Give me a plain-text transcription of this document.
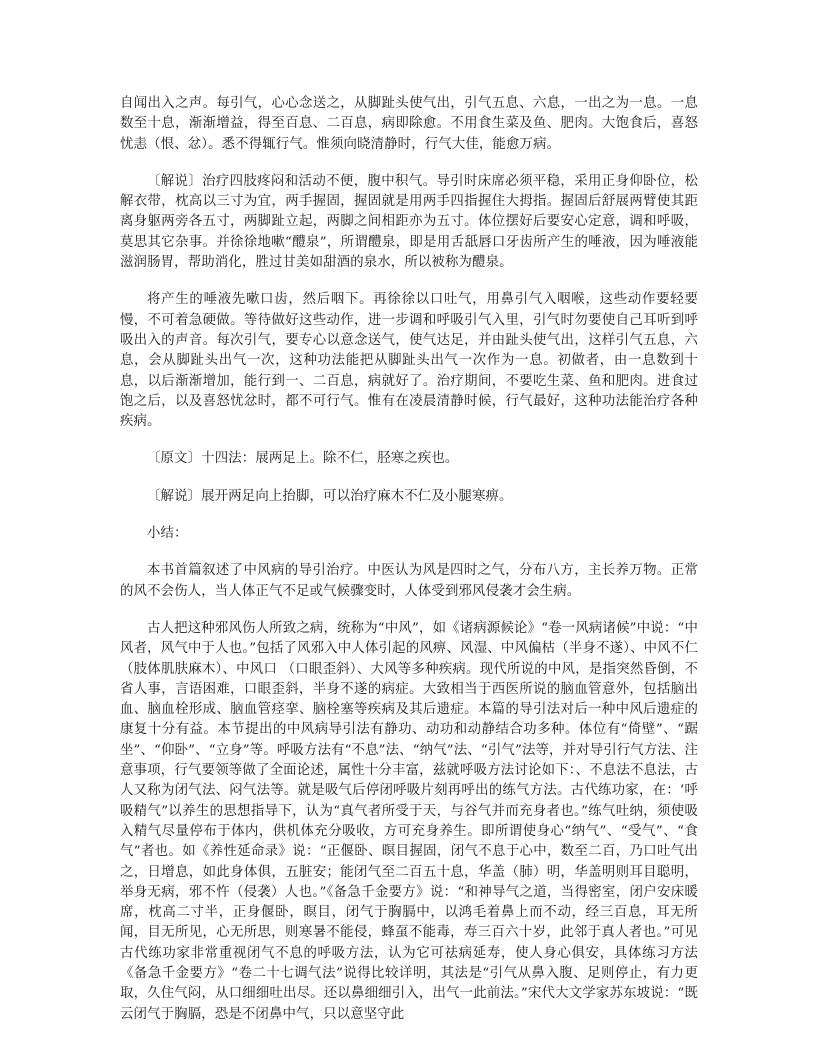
自闻出入之声。每引气，心心念送之，从脚趾头使气出，引气五息、六息，一出之为一息。一息数至十息，渐渐增益，得至百息、二百息，病即除愈。不用食生菜及鱼、肥肉。大饱食后，喜怒忧恚（恨、忿）。悉不得辄行气。惟须向晓清静时，行气大佳，能愈万病。

〔解说〕治疗四肢疼闷和活动不便，腹中积气。导引时床席必须平稳，采用正身仰卧位，松解衣带，枕高以三寸为宜，两手握固，握固就是用两手四指握住大拇指。握固后舒展两臂使其距离身躯两旁各五寸，两脚趾立起，两脚之间相距亦为五寸。体位摆好后要安心定意，调和呼吸，莫思其它杂事。并徐徐地嗽“醴泉”，所谓醴泉，即是用舌舐唇口牙齿所产生的唾液，因为唾液能滋润肠胃，帮助消化，胜过甘美如甜酒的泉水，所以被称为醴泉。

将产生的唾液先嗽口齿，然后咽下。再徐徐以口吐气，用鼻引气入咽喉，这些动作要轻要慢，不可着急硬做。等待做好这些动作，进一步调和呼吸引气入里，引气时勿要使自己耳听到呼吸出入的声音。每次引气，要专心以意念送气，使气达足，并由趾头使气出，这样引气五息，六息，会从脚趾头出气一次，这种功法能把从脚趾头出气一次作为一息。初做者，由一息数到十息，以后渐渐增加，能行到一、二百息，病就好了。治疗期间，不要吃生菜、鱼和肥肉。进食过饱之后，以及喜怒忧忿时，都不可行气。惟有在凌晨清静时候，行气最好，这种功法能治疗各种疾病。

〔原文〕十四法：展两足上。除不仁，胫寒之疾也。

〔解说〕展开两足向上抬脚，可以治疗麻木不仁及小腿寒痹。

小结：

本书首篇叙述了中风病的导引治疗。中医认为风是四时之气，分布八方，主长养万物。正常的风不会伤人，当人体正气不足或气候骤变时，人体受到邪风侵袭才会生病。

古人把这种邪风伤人所致之病，统称为“中风”，如《诸病源候论》“卷一风病诸候”中说：“中风者，风气中于人也。”包括了风邪入中人体引起的风痹、风湿、中风偏枯（半身不遂）、中风不仁（肢体肌肤麻木）、中风口 （口眼歪斜）、大风等多种疾病。现代所说的中风，是指突然昏倒，不省人事，言语困难，口眼歪斜，半身不遂的病症。大致相当于西医所说的脑血管意外，包括脑出血、脑血栓形成、脑血管痉挛、脑栓塞等疾病及其后遗症。本篇的导引法对后一种中风后遗症的康复十分有益。本节提出的中风病导引法有静功、动功和动静结合功多种。体位有“倚壁”、“踞坐”、“仰卧”、“立身”等。呼吸方法有“不息”法、“纳气”法、“引气”法等，并对导引行气方法、注意事项，行气要领等做了全面论述，属性十分丰富，兹就呼吸方法讨论如下：、不息法不息法，古人又称为闭气法、闷气法等。就是吸气后停闭呼吸片刻再呼出的练气方法。古代练功家，在：‘呼吸精气”以养生的思想指导下，认为“真气者所受于天，与谷气并而充身者也。”练气吐纳，须使吸入精气尽量停布于体内，供机体充分吸收，方可充身养生。即所谓使身心“纳气”、“受气”、“食气”者也。如《养性延命录》说：“正偃卧、暝目握固，闭气不息于心中，数至二百，乃口吐气出之，日增息，如此身体俱，五脏安；能闭气至二百五十息，华盖（肺）明，华盖明则耳目聪明，举身无病，邪不忤（侵袭）人也。”《备急千金要方》说：“和神导气之道，当得密室，闭户安床暖席，枕高二寸半，正身偃卧，瞑目，闭气于胸膈中，以鸿毛着鼻上而不动，经三百息，耳无所闻，目无所见，心无所思，则寒暑不能侵，蜂虿不能毒，寿三百六十岁，此邻于真人者也。”可见古代练功家非常重视闭气不息的呼吸方法，认为它可祛病延寿，使人身心俱安，具体练习方法《备急千金要方》“卷二十七调气法”说得比较详明，其法是“引气从鼻入腹、足则停止，有力更取，久住气闷，从口细细吐出尽。还以鼻细细引入，出气一此前法。”宋代大文学家苏东坡说：“既云闭气于胸膈，恐是不闭鼻中气，只以意坚守此
